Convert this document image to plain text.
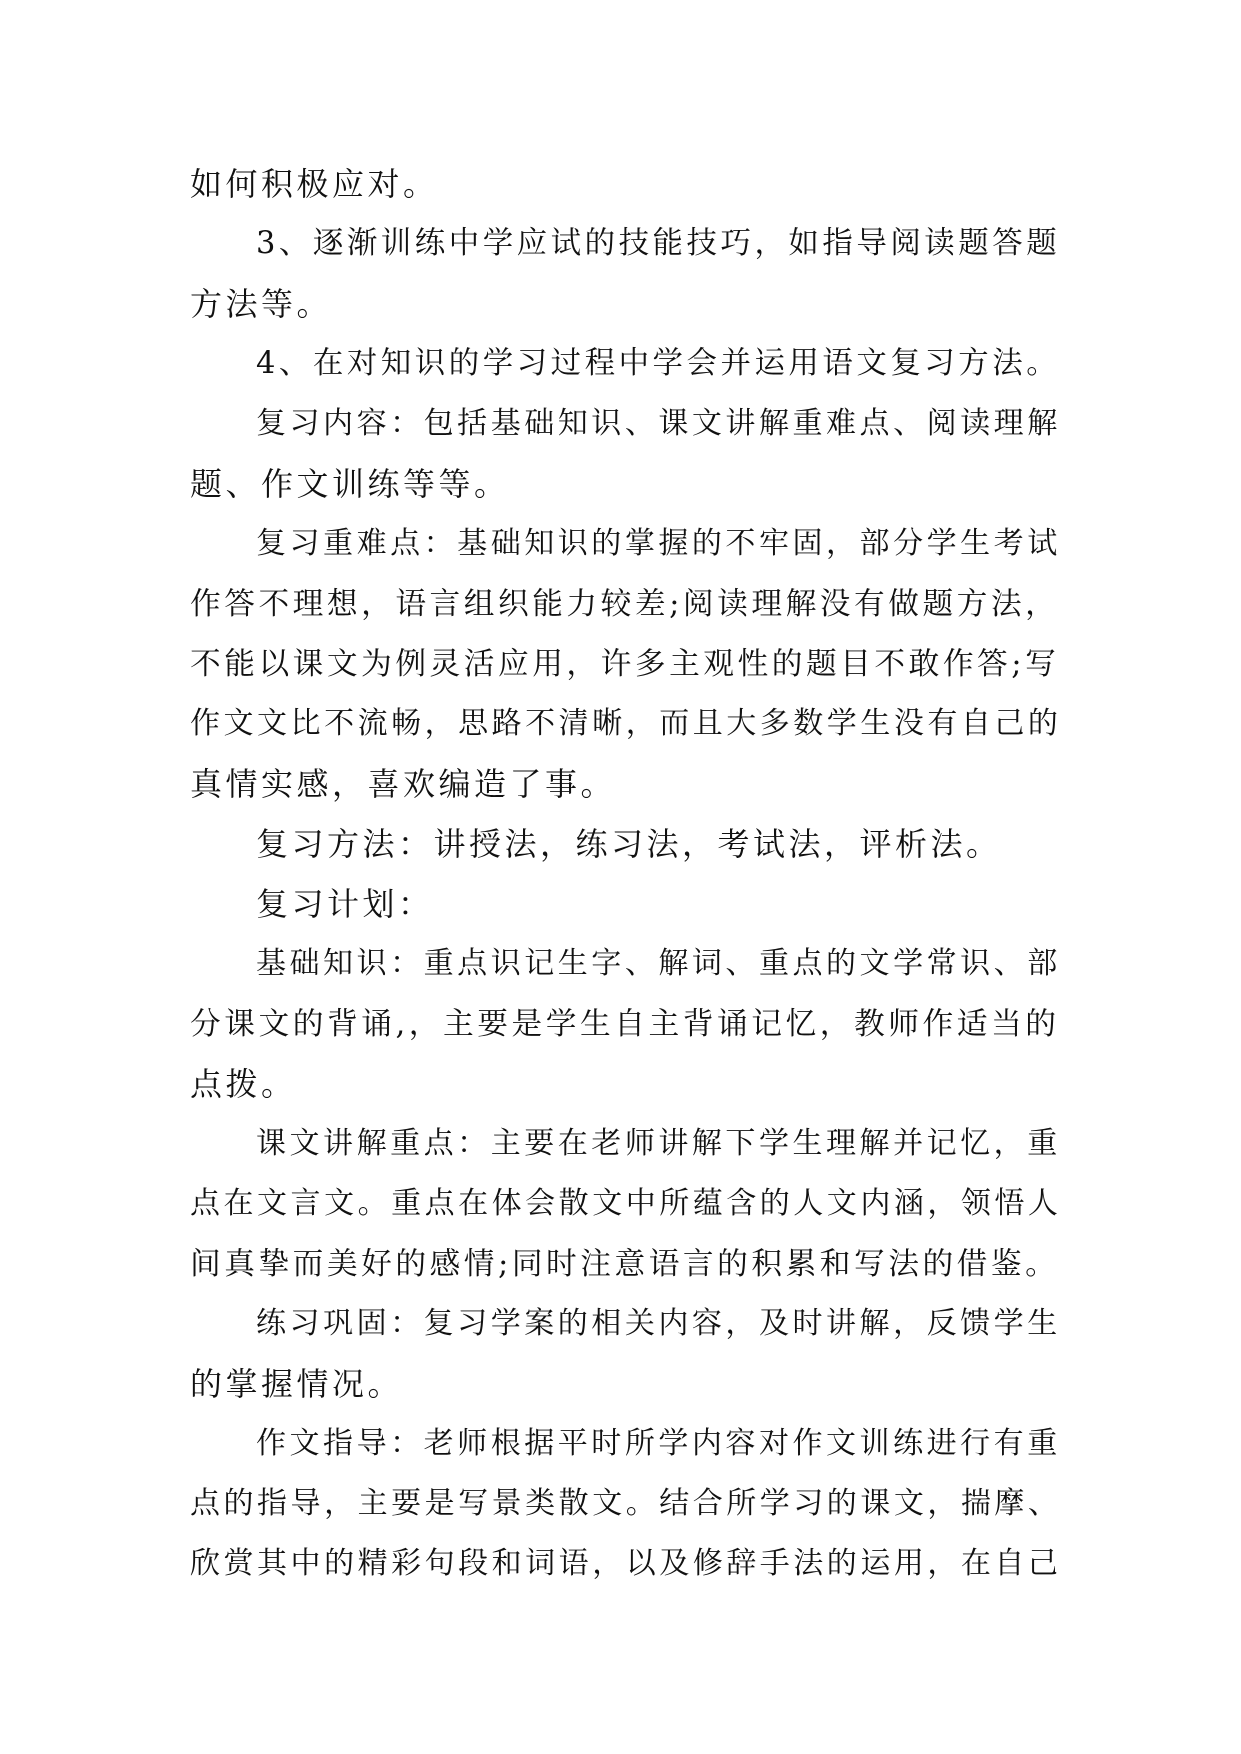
如何积极应对。
3、逐渐训练中学应试的技能技巧，如指导阅读题答题
方法等。
4、在对知识的学习过程中学会并运用语文复习方法。
复习内容：包括基础知识、课文讲解重难点、阅读理解
题、作文训练等等。
复习重难点：基础知识的掌握的不牢固，部分学生考试
作答不理想，语言组织能力较差;阅读理解没有做题方法，
不能以课文为例灵活应用，许多主观性的题目不敢作答;写
作文文比不流畅，思路不清晰，而且大多数学生没有自己的
真情实感，喜欢编造了事。
复习方法：讲授法，练习法，考试法，评析法。
复习计划：
基础知识：重点识记生字、解词、重点的文学常识、部
分课文的背诵,，主要是学生自主背诵记忆，教师作适当的
点拨。
课文讲解重点：主要在老师讲解下学生理解并记忆，重
点在文言文。重点在体会散文中所蕴含的人文内涵，领悟人
间真挚而美好的感情;同时注意语言的积累和写法的借鉴。
练习巩固：复习学案的相关内容，及时讲解，反馈学生
的掌握情况。
作文指导：老师根据平时所学内容对作文训练进行有重
点的指导，主要是写景类散文。结合所学习的课文，揣摩、
欣赏其中的精彩句段和词语，以及修辞手法的运用，在自己
